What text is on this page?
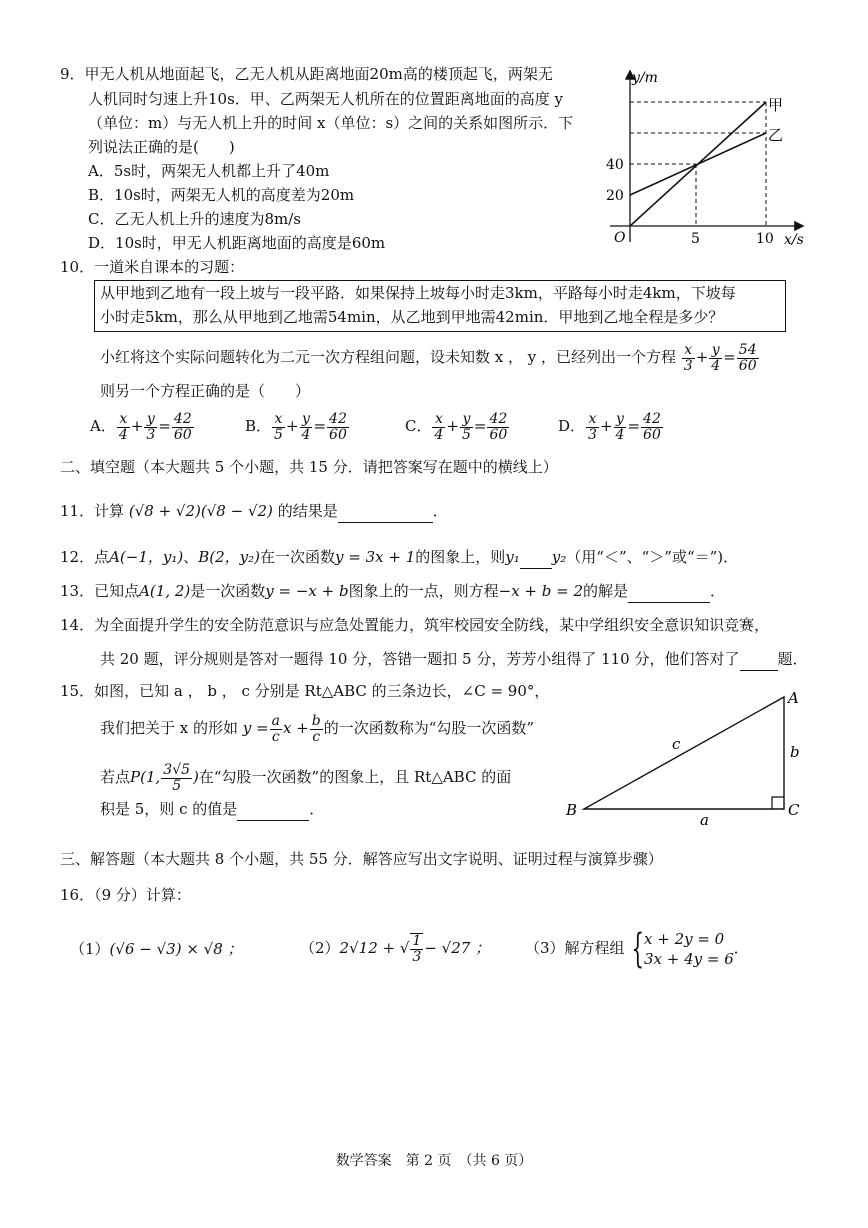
9．甲无人机从地面起飞，乙无人机从距离地面20m高的楼顶起飞，两架无
人机同时匀速上升10s．甲、乙两架无人机所在的位置距离地面的高度 y
（单位：m）与无人机上升的时间 x（单位：s）之间的关系如图所示．下
列说法正确的是(　　)
A．5s时，两架无人机都上升了40m
B．10s时，两架无人机的高度差为20m
C．乙无人机上升的速度为8m/s
D．10s时，甲无人机距离地面的高度是60m
y/m
x/s
O
20
40
5	10
甲
乙
10．一道米自课本的习题：
从甲地到乙地有一段上坡与一段平路．如果保持上坡每小时走3km，平路每小时走4km，下坡每
小时走5km，那么从甲地到乙地需54min，从乙地到甲地需42min．甲地到乙地全程是多少？
小红将这个实际问题转化为二元一次方程组问题，设未知数 x ， y ，已经列出一个方程 $\frac{x}{3} + \frac{y}{4} = \frac{54}{60}$
则另一个方程正确的是（　　）
A． $\frac{x}{4} + \frac{y}{3} = \frac{42}{60}$	B． $\frac{x}{5} + \frac{y}{4} = \frac{42}{60}$	C． $\frac{x}{4} + \frac{y}{5} = \frac{42}{60}$	D． $\frac{x}{3} + \frac{y}{4} = \frac{42}{60}$
二、填空题（本大题共 5 个小题，共 15 分．请把答案写在题中的横线上）
11．计算 (√8 + √2)(√8 − √2) 的结果是	．
12．点A(−1，y₁)、B(2，y₂)在一次函数y = 3x + 1的图象上，则y₁ y₂（用“＜”、“＞”或“＝”)．
13．已知点A(1, 2)是一次函数y = −x + b图象上的一点，则方程−x + b = 2的解是	．
14．为全面提升学生的安全防范意识与应急处置能力，筑牢校园安全防线，某中学组织安全意识知识竞赛，
共 20 题，评分规则是答对一题得 10 分，答错一题扣 5 分，芳芳小组得了 110 分，他们答对了	题．
15．如图，已知 a ， b ， c 分别是 Rt△ABC 的三条边长，∠C = 90°，
我们把关于 x 的形如 $y = \frac{a}{c}$ $x + \frac{b}{c}$ 的一次函数称为“勾股一次函数”
若点P(1, $\frac{3√5}{5}$ )在“勾股一次函数”的图象上，且 Rt△ABC 的面
积是 5，则 c 的值是	．
A
B	C
a
b
c
三、解答题（本大题共 8 个小题，共 55 分．解答应写出文字说明、证明过程与演算步骤）
16．（9 分）计算：
（1）(√6 − √3) × √8 ；	（2）2√12 + √ $\frac{1}{3} - √27$ ； （3）解方程组 { x + 2y = 0
3x + 4y = 6
．
数学答案　第 2 页　（共 6 页）
